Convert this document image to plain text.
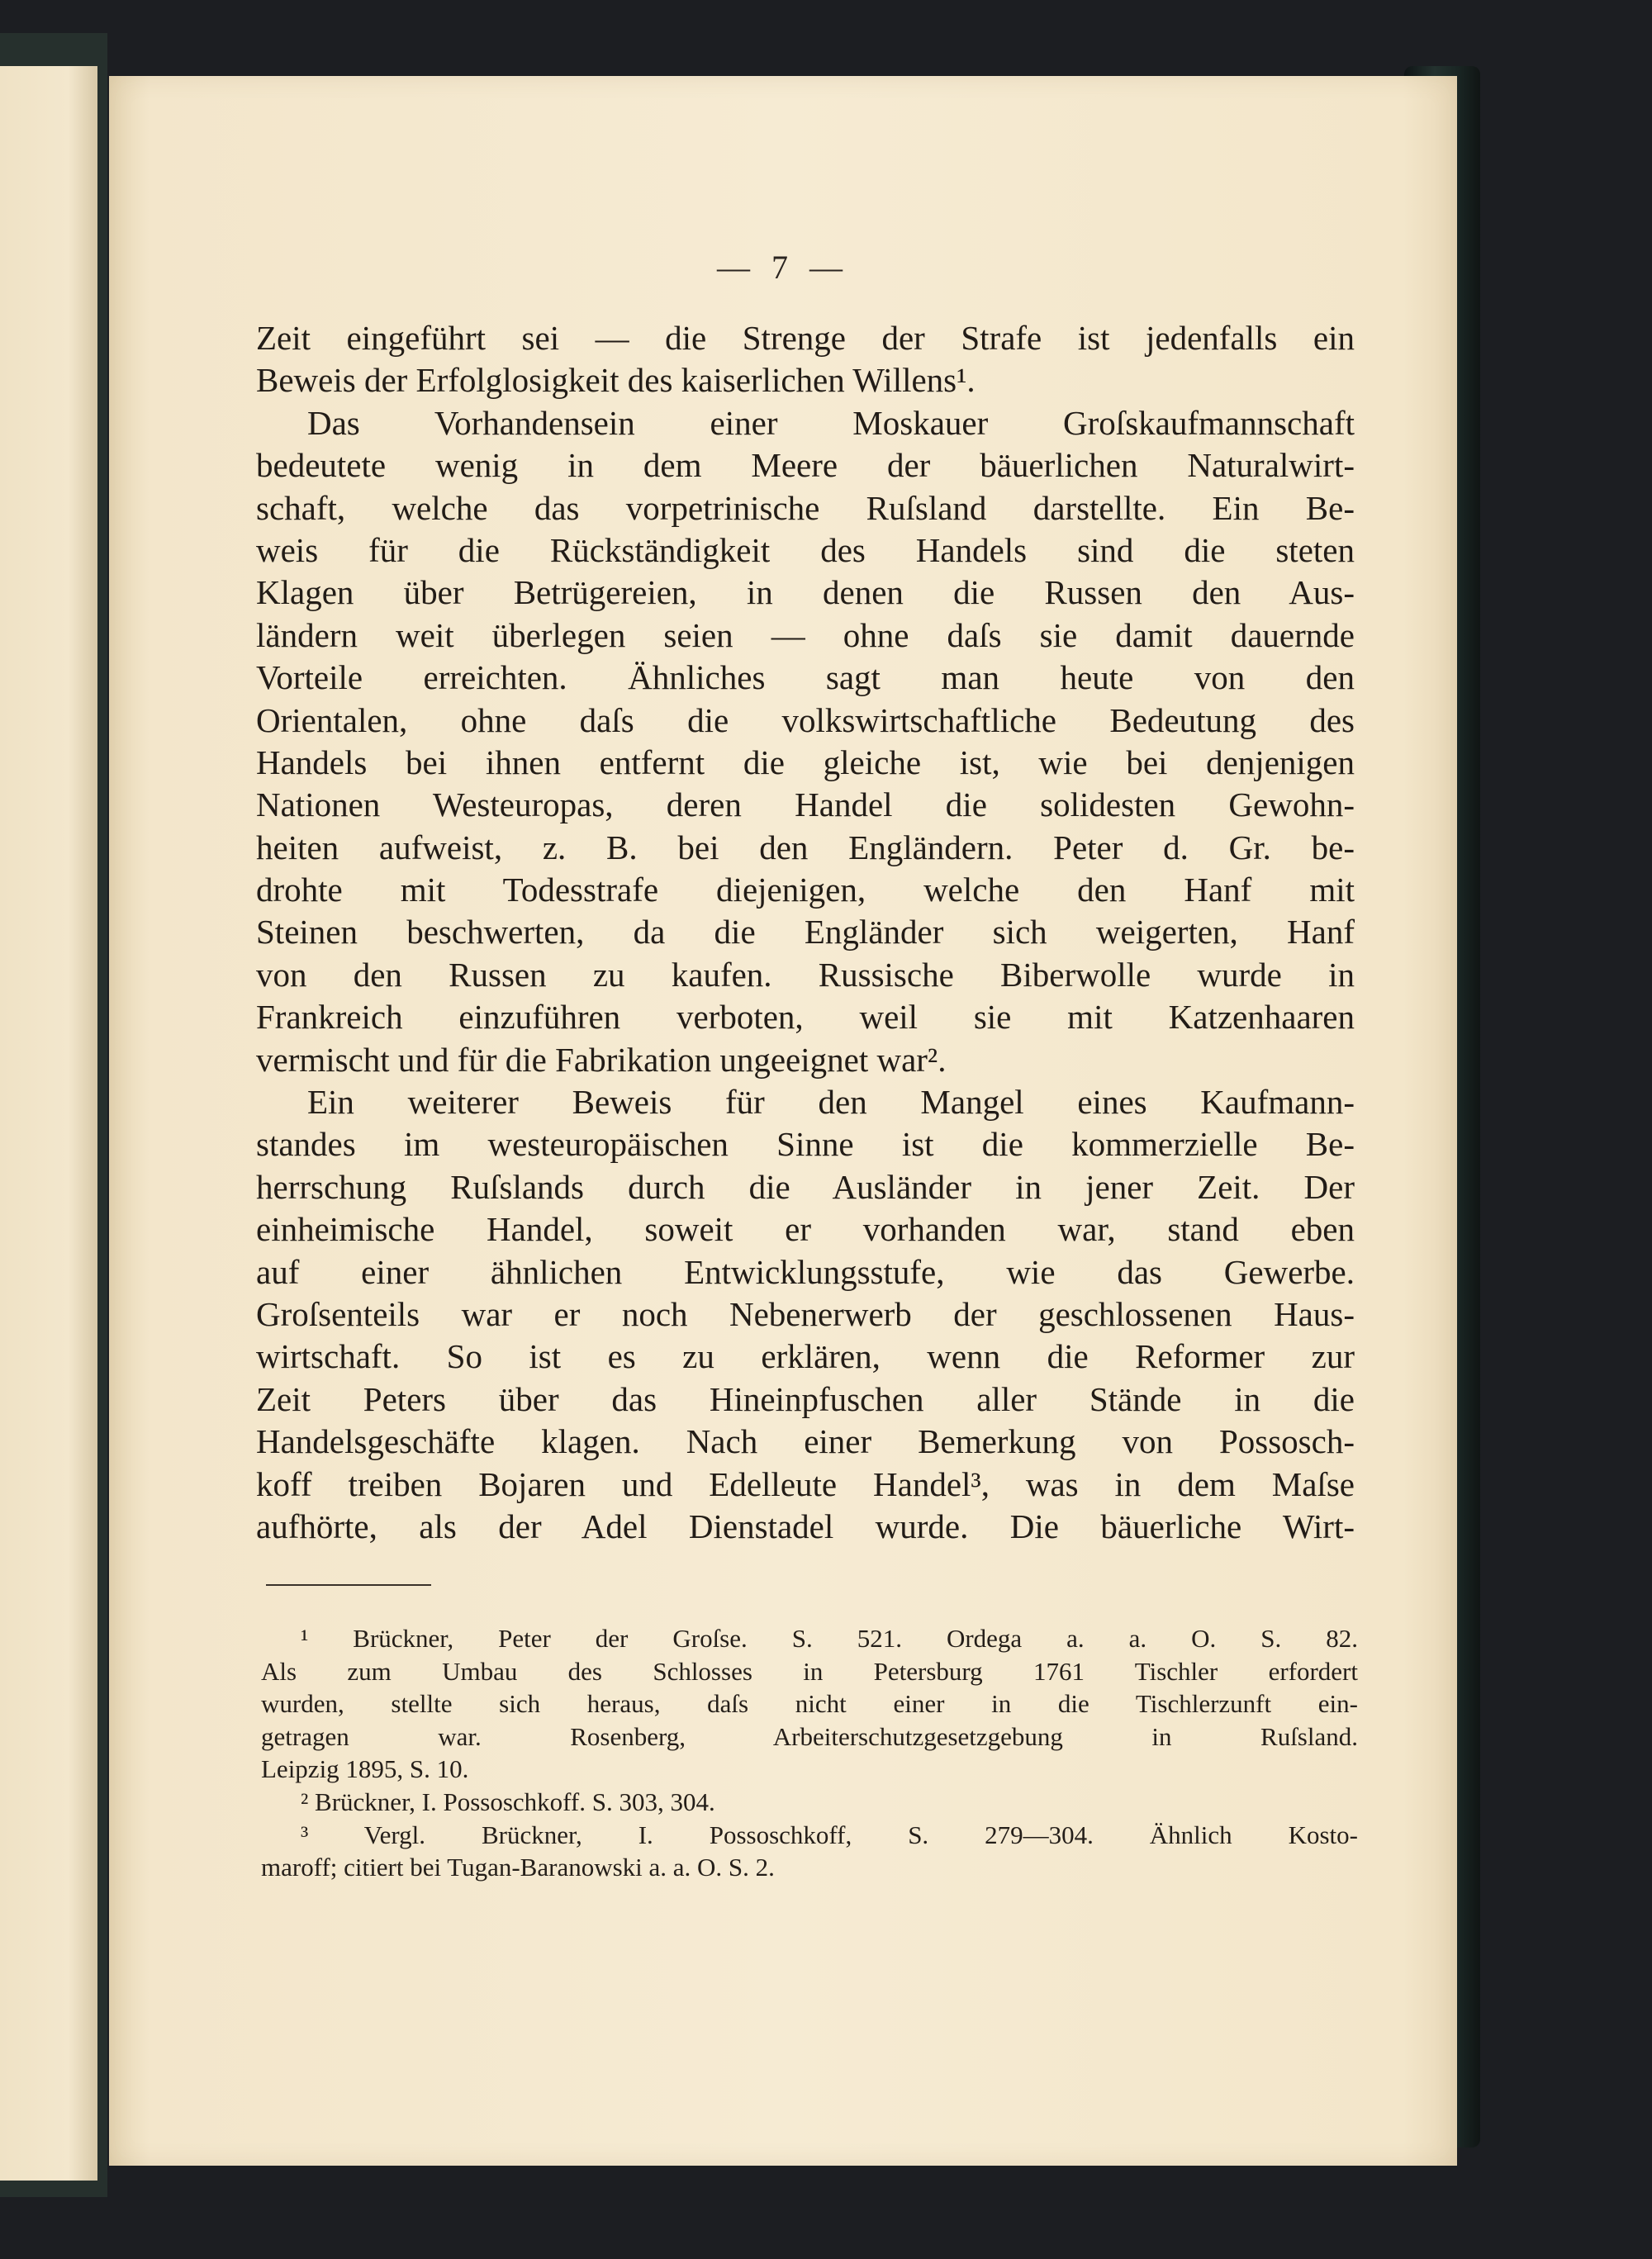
— 7 —
Zeit eingeführt sei — die Strenge der Strafe ist jedenfalls ein
Beweis der Erfolglosigkeit des kaiserlichen Willens¹.
Das Vorhandensein einer Moskauer Groſskaufmannschaft
bedeutete wenig in dem Meere der bäuerlichen Naturalwirt-
schaft, welche das vorpetrinische Ruſsland darstellte. Ein Be-
weis für die Rückständigkeit des Handels sind die steten
Klagen über Betrügereien, in denen die Russen den Aus-
ländern weit überlegen seien — ohne daſs sie damit dauernde
Vorteile erreichten. Ähnliches sagt man heute von den
Orientalen, ohne daſs die volkswirtschaftliche Bedeutung des
Handels bei ihnen entfernt die gleiche ist, wie bei denjenigen
Nationen Westeuropas, deren Handel die solidesten Gewohn-
heiten aufweist, z. B. bei den Engländern. Peter d. Gr. be-
drohte mit Todesstrafe diejenigen, welche den Hanf mit
Steinen beschwerten, da die Engländer sich weigerten, Hanf
von den Russen zu kaufen. Russische Biberwolle wurde in
Frankreich einzuführen verboten, weil sie mit Katzenhaaren
vermischt und für die Fabrikation ungeeignet war².
Ein weiterer Beweis für den Mangel eines Kaufmann-
standes im westeuropäischen Sinne ist die kommerzielle Be-
herrschung Ruſslands durch die Ausländer in jener Zeit. Der
einheimische Handel, soweit er vorhanden war, stand eben
auf einer ähnlichen Entwicklungsstufe, wie das Gewerbe.
Groſsenteils war er noch Nebenerwerb der geschlossenen Haus-
wirtschaft. So ist es zu erklären, wenn die Reformer zur
Zeit Peters über das Hineinpfuschen aller Stände in die
Handelsgeschäfte klagen. Nach einer Bemerkung von Possosch-
koff treiben Bojaren und Edelleute Handel³, was in dem Maſse
aufhörte, als der Adel Dienstadel wurde. Die bäuerliche Wirt-
¹ Brückner, Peter der Groſse. S. 521. Ordega a. a. O. S. 82.
Als zum Umbau des Schlosses in Petersburg 1761 Tischler erfordert
wurden, stellte sich heraus, daſs nicht einer in die Tischlerzunft ein-
getragen war. Rosenberg, Arbeiterschutzgesetzgebung in Ruſsland.
Leipzig 1895, S. 10.
² Brückner, I. Possoschkoff. S. 303, 304.
³ Vergl. Brückner, I. Possoschkoff, S. 279—304. Ähnlich Kosto-
maroff; citiert bei Tugan-Baranowski a. a. O. S. 2.
